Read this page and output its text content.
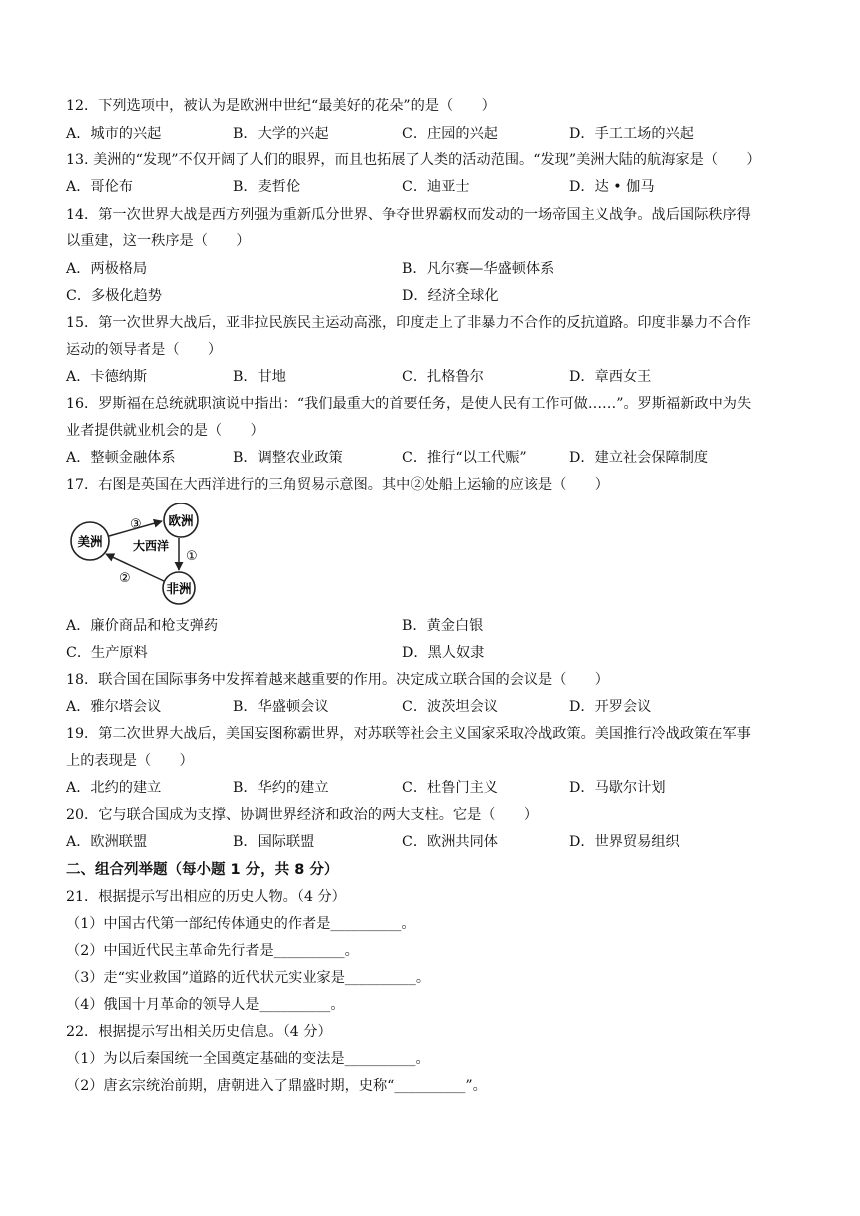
12．下列选项中，被认为是欧洲中世纪“最美好的花朵”的是（　　）
A．城市的兴起	B．大学的兴起	C．庄园的兴起	D．手工工场的兴起
13. 美洲的“发现”不仅开阔了人们的眼界，而且也拓展了人类的活动范围。“发现”美洲大陆的航海家是（　　）
A．哥伦布	B．麦哲伦	C．迪亚士	D．达 • 伽马
14．第一次世界大战是西方列强为重新瓜分世界、争夺世界霸权而发动的一场帝国主义战争。战后国际秩序得
以重建，这一秩序是（　　）
A．两极格局	B．凡尔赛—华盛顿体系
C．多极化趋势	D．经济全球化
15．第一次世界大战后，亚非拉民族民主运动高涨，印度走上了非暴力不合作的反抗道路。印度非暴力不合作
运动的领导者是（　　）
A．卡德纳斯	B．甘地	C．扎格鲁尔	D．章西女王
16．罗斯福在总统就职演说中指出：“我们最重大的首要任务，是使人民有工作可做……”。罗斯福新政中为失
业者提供就业机会的是（　　）
A．整顿金融体系	B．调整农业政策	C．推行“以工代赈”	D．建立社会保障制度
17．右图是英国在大西洋进行的三角贸易示意图。其中②处船上运输的应该是（　　）
美洲
欧洲
非洲
大西洋
③
①
②
A．廉价商品和枪支弹药	B．黄金白银
C．生产原料	D．黑人奴隶
18．联合国在国际事务中发挥着越来越重要的作用。决定成立联合国的会议是（　　）
A．雅尔塔会议	B．华盛顿会议	C．波茨坦会议	D．开罗会议
19．第二次世界大战后，美国妄图称霸世界，对苏联等社会主义国家采取冷战政策。美国推行冷战政策在军事
上的表现是（　　）
A．北约的建立	B．华约的建立	C．杜鲁门主义	D．马歇尔计划
20．它与联合国成为支撑、协调世界经济和政治的两大支柱。它是（　　）
A．欧洲联盟	B．国际联盟	C．欧洲共同体	D．世界贸易组织
二、组合列举题（每小题 1 分，共 8 分）
21．根据提示写出相应的历史人物。（4 分）
（1）中国古代第一部纪传体通史的作者是__________。
（2）中国近代民主革命先行者是__________。
（3）走“实业救国”道路的近代状元实业家是__________。
（4）俄国十月革命的领导人是__________。
22．根据提示写出相关历史信息。（4 分）
（1）为以后秦国统一全国奠定基础的变法是__________。
（2）唐玄宗统治前期，唐朝进入了鼎盛时期，史称“__________”。
